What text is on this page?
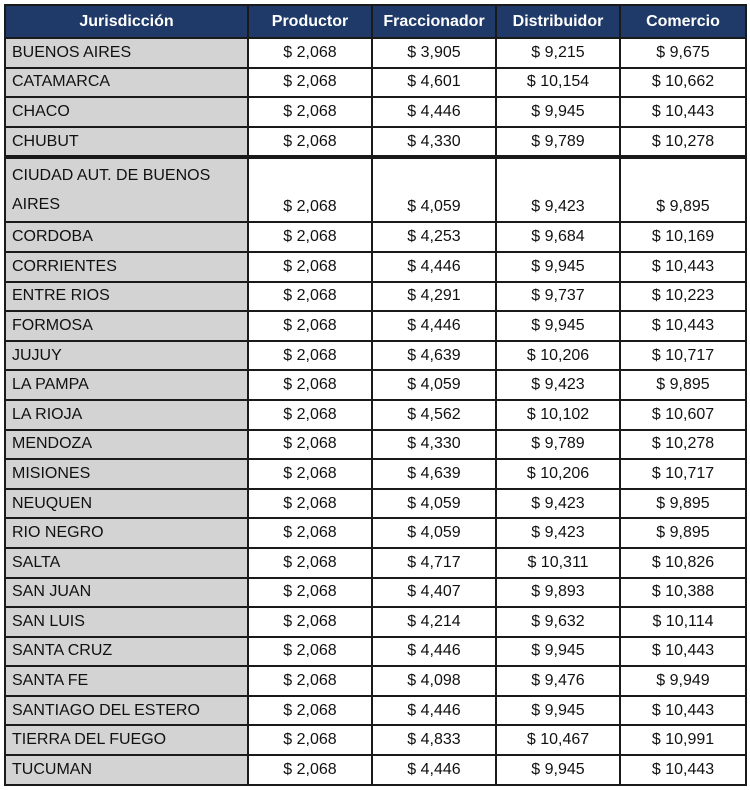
Jurisdicción	Productor	Fraccionador	Distribuidor	Comercio
BUENOS AIRES	$ 2,068	$ 3,905	$ 9,215	$ 9,675
CATAMARCA	$ 2,068	$ 4,601	$ 10,154	$ 10,662
CHACO	$ 2,068	$ 4,446	$ 9,945	$ 10,443
CHUBUT	$ 2,068	$ 4,330	$ 9,789	$ 10,278
CIUDAD AUT. DE BUENOS AIRES	$ 2,068	$ 4,059	$ 9,423	$ 9,895
CORDOBA	$ 2,068	$ 4,253	$ 9,684	$ 10,169
CORRIENTES	$ 2,068	$ 4,446	$ 9,945	$ 10,443
ENTRE RIOS	$ 2,068	$ 4,291	$ 9,737	$ 10,223
FORMOSA	$ 2,068	$ 4,446	$ 9,945	$ 10,443
JUJUY	$ 2,068	$ 4,639	$ 10,206	$ 10,717
LA PAMPA	$ 2,068	$ 4,059	$ 9,423	$ 9,895
LA RIOJA	$ 2,068	$ 4,562	$ 10,102	$ 10,607
MENDOZA	$ 2,068	$ 4,330	$ 9,789	$ 10,278
MISIONES	$ 2,068	$ 4,639	$ 10,206	$ 10,717
NEUQUEN	$ 2,068	$ 4,059	$ 9,423	$ 9,895
RIO NEGRO	$ 2,068	$ 4,059	$ 9,423	$ 9,895
SALTA	$ 2,068	$ 4,717	$ 10,311	$ 10,826
SAN JUAN	$ 2,068	$ 4,407	$ 9,893	$ 10,388
SAN LUIS	$ 2,068	$ 4,214	$ 9,632	$ 10,114
SANTA CRUZ	$ 2,068	$ 4,446	$ 9,945	$ 10,443
SANTA FE	$ 2,068	$ 4,098	$ 9,476	$ 9,949
SANTIAGO DEL ESTERO	$ 2,068	$ 4,446	$ 9,945	$ 10,443
TIERRA DEL FUEGO	$ 2,068	$ 4,833	$ 10,467	$ 10,991
TUCUMAN	$ 2,068	$ 4,446	$ 9,945	$ 10,443
